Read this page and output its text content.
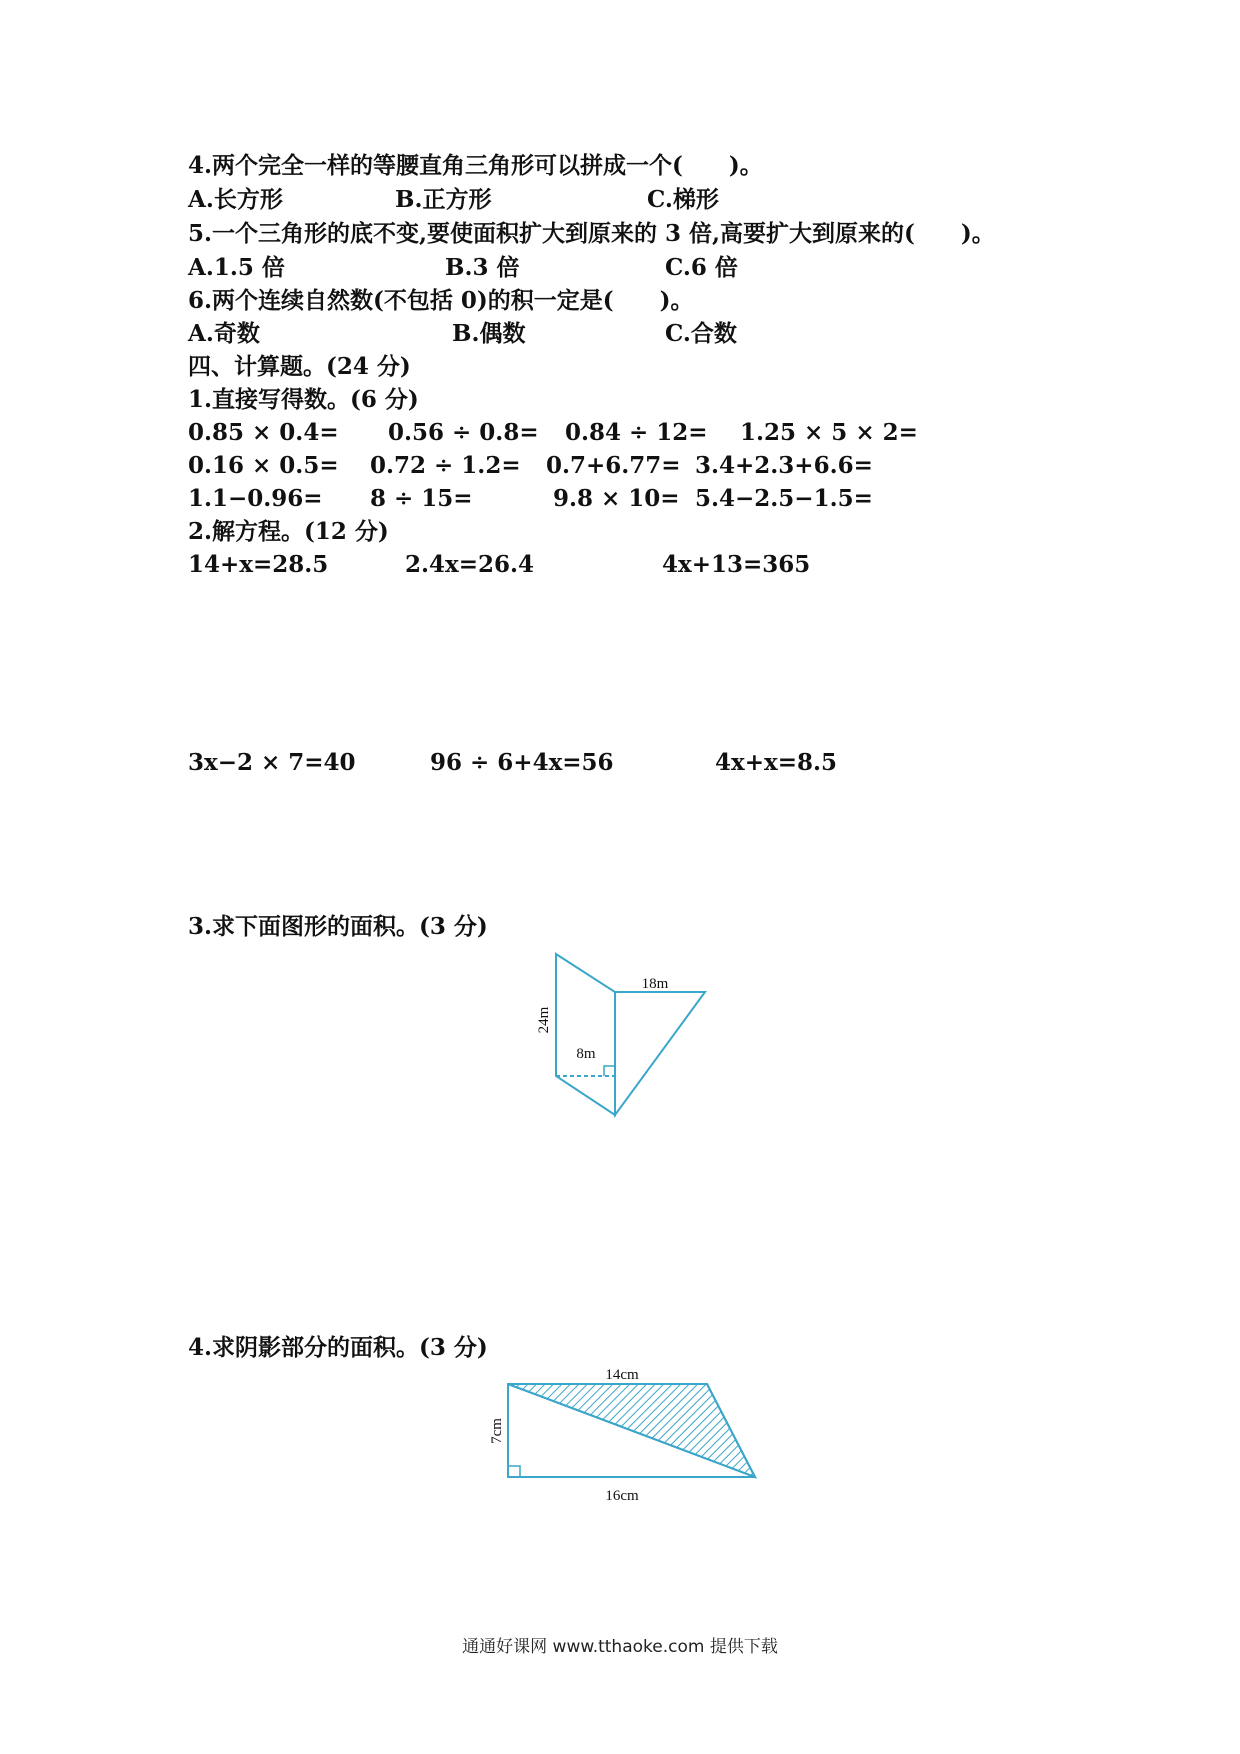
4.两个完全一样的等腰直角三角形可以拼成一个(　　)。
A.长方形	B.正方形	C.梯形
5.一个三角形的底不变,要使面积扩大到原来的 3 倍,高要扩大到原来的(　　)。
A.1.5 倍	B.3 倍	C.6 倍
6.两个连续自然数(不包括 0)的积一定是(　　)。
A.奇数	B.偶数	C.合数
四、计算题。(24 分)
1.直接写得数。(6 分)
0.85 × 0.4= 0.56 ÷ 0.8= 0.84 ÷ 12= 1.25 × 5 × 2=
0.16 × 0.5= 0.72 ÷ 1.2= 0.7+6.77= 3.4+2.3+6.6=
1.1−0.96= 8 ÷ 15=	9.8 × 10= 5.4−2.5−1.5=
2.解方程。(12 分)
14+x=28.5	2.4x=26.4	4x+13=365
3x−2 × 7=40	96 ÷ 6+4x=56	4x+x=8.5
3.求下面图形的面积。(3 分)
18m
24m
8m
4.求阴影部分的面积。(3 分)
14cm
7cm
16cm
通通好课网 www.tthaoke.com 提供下载
